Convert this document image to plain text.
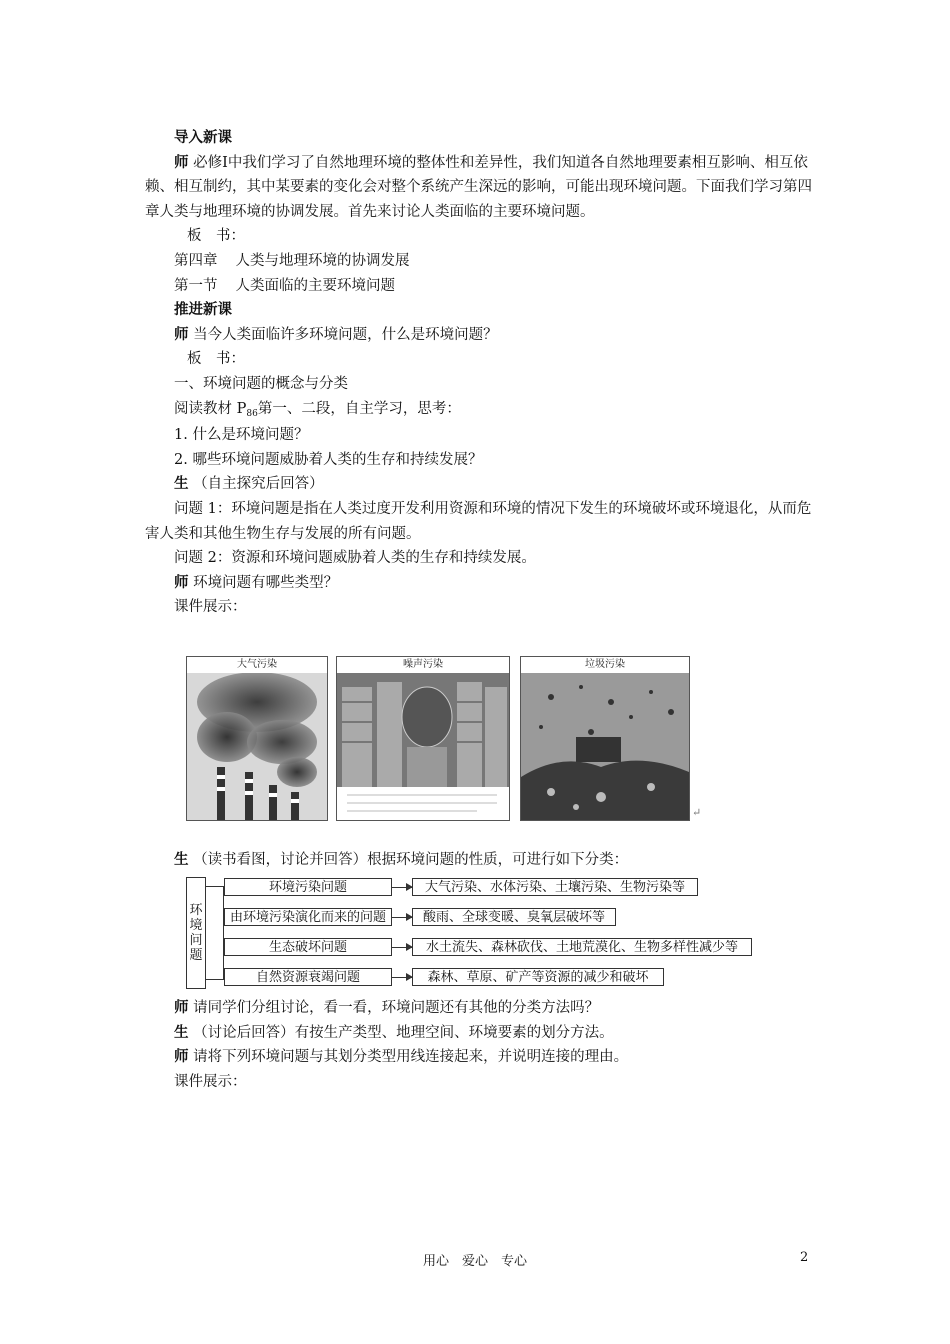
导入新课

师 必修Ⅰ中我们学习了自然地理环境的整体性和差异性，我们知道各自然地理要素相互影响、相互依赖、相互制约，其中某要素的变化会对整个系统产生深远的影响，可能出现环境问题。下面我们学习第四章人类与地理环境的协调发展。首先来讨论人类面临的主要环境问题。

板　书：

第四章 人类与地理环境的协调发展

第一节 人类面临的主要环境问题

推进新课

师 当今人类面临许多环境问题，什么是环境问题？

板　书：

一、环境问题的概念与分类

阅读教材 $P_{86}$第一、二段，自主学习，思考：

1. 什么是环境问题？

2. 哪些环境问题威胁着人类的生存和持续发展？

生 （自主探究后回答）

问题 1：环境问题是指在人类过度开发利用资源和环境的情况下发生的环境破坏或环境退化，从而危害人类和其他生物生存与发展的所有问题。

问题 2：资源和环境问题威胁着人类的生存和持续发展。

师 环境问题有哪些类型？

课件展示：

大气污染	噪声污染	垃圾污染
↵

生 （读书看图，讨论并回答）根据环境问题的性质，可进行如下分类：

环境问题
环境污染问题	大气污染、水体污染、土壤污染、生物污染等
由环境污染演化而来的问题	酸雨、全球变暖、臭氧层破坏等
生态破坏问题	水土流失、森林砍伐、土地荒漠化、生物多样性减少等
自然资源衰竭问题	森林、草原、矿产等资源的减少和破坏

师 请同学们分组讨论，看一看，环境问题还有其他的分类方法吗？

生 （讨论后回答）有按生产类型、地理空间、环境要素的划分方法。

师 请将下列环境问题与其划分类型用线连接起来，并说明连接的理由。

课件展示：

用心　爱心　专心	2
